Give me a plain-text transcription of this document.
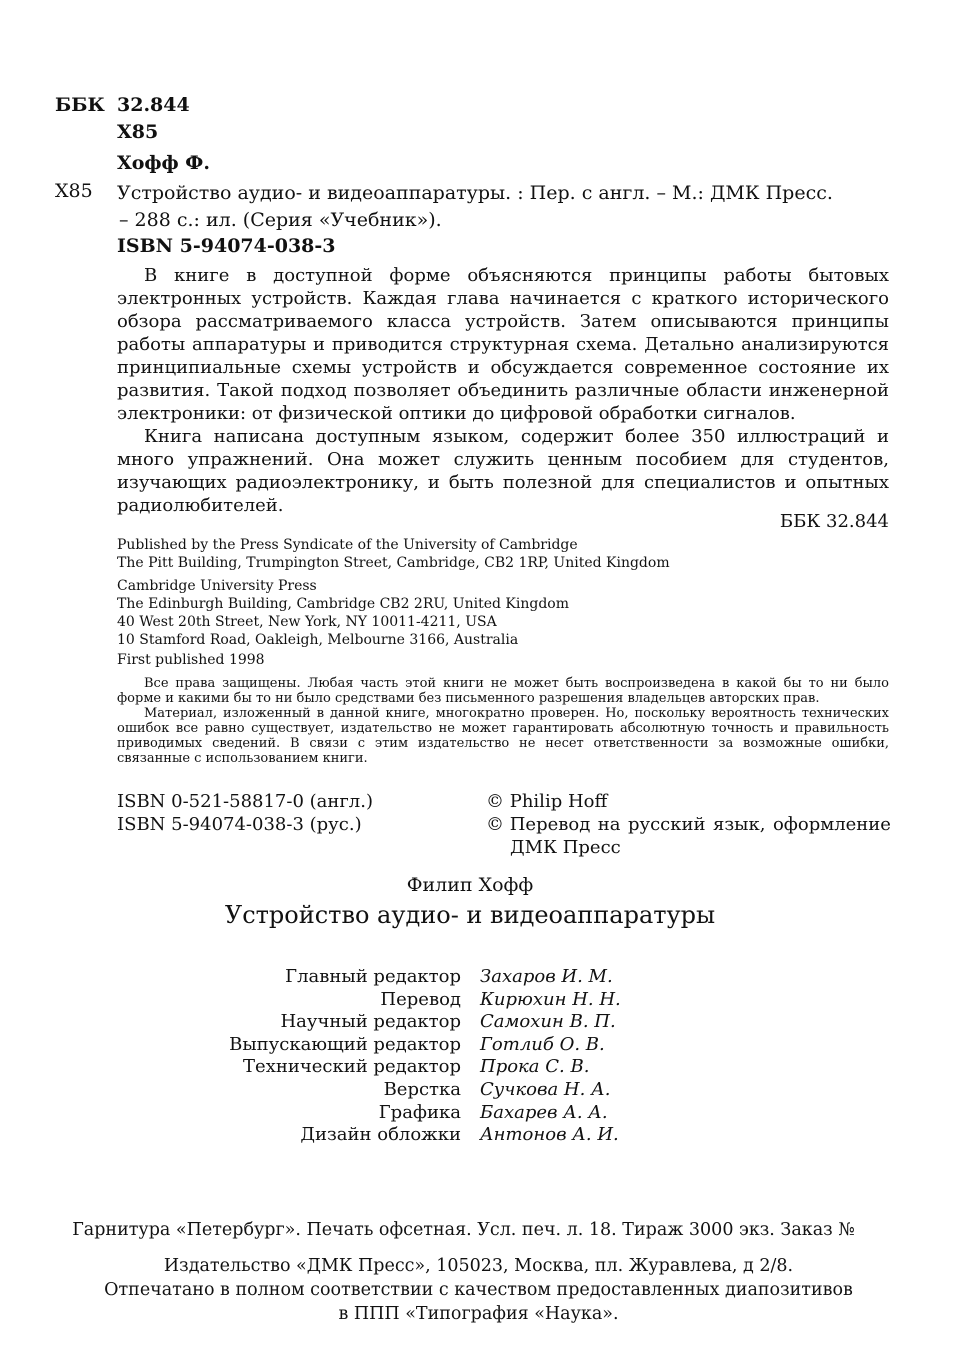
ББК 32.844
Х85
Хофф Ф.
Х85 Устройство аудио- и видеоаппаратуры. : Пер. с англ. – М.: ДМК Пресс.
– 288 с.: ил. (Серия «Учебник»).
ISBN 5-94074-038-3

В книге в доступной форме объясняются принципы работы бытовых электронных устройств. Каждая глава начинается с краткого исторического обзора рассматриваемого класса устройств. Затем описываются принципы работы аппаратуры и приводится структурная схема. Детально анализируются принципиальные схемы устройств и обсуждается современное состояние их развития. Такой подход позволяет объединить различные области инженерной электроники: от физической оптики до цифровой обработки сигналов.

Книга написана доступным языком, содержит более 350 иллюстраций и много упражнений. Она может служить ценным пособием для студентов, изучающих радиоэлектронику, и быть полезной для специалистов и опытных радиолюбителей.

ББК 32.844
Published by the Press Syndicate of the University of Cambridge
The Pitt Building, Trumpington Street, Cambridge, CB2 1RP, United Kingdom
Cambridge University Press
The Edinburgh Building, Cambridge CB2 2RU, United Kingdom
40 West 20th Street, New York, NY 10011-4211, USA
10 Stamford Road, Oakleigh, Melbourne 3166, Australia
First published 1998

Все права защищены. Любая часть этой книги не может быть воспроизведена в какой бы то ни было форме и какими бы то ни было средствами без письменного разрешения владельцев авторских прав.

Материал, изложенный в данной книге, многократно проверен. Но, поскольку вероятность технических ошибок все равно существует, издательство не может гарантировать абсолютную точность и правильность приводимых сведений. В связи с этим издательство не несет ответственности за возможные ошибки, связанные с использованием книги.

ISBN 0-521-58817-0 (англ.)
ISBN 5-94074-038-3 (рус.)
© Philip Hoff
© Перевод на русский язык, оформление
ДМК Пресс
Филип Хофф
Устройство аудио- и видеоаппаратуры
Главный редактор Захаров И. М.
Перевод Кирюхин Н. Н.
Научный редактор Самохин В. П.
Выпускающий редактор Готлиб О. В.
Технический редактор Прока С. В.
Верстка Сучкова Н. А.
Графика Бахарев А. А.
Дизайн обложки Антонов А. И.
Гарнитура «Петербург». Печать офсетная. Усл. печ. л. 18. Тираж 3000 экз. Заказ №
Издательство «ДМК Пресс», 105023, Москва, пл. Журавлева, д 2/8.
Отпечатано в полном соответствии с качеством предоставленных диапозитивов
в ППП «Типография «Наука».
